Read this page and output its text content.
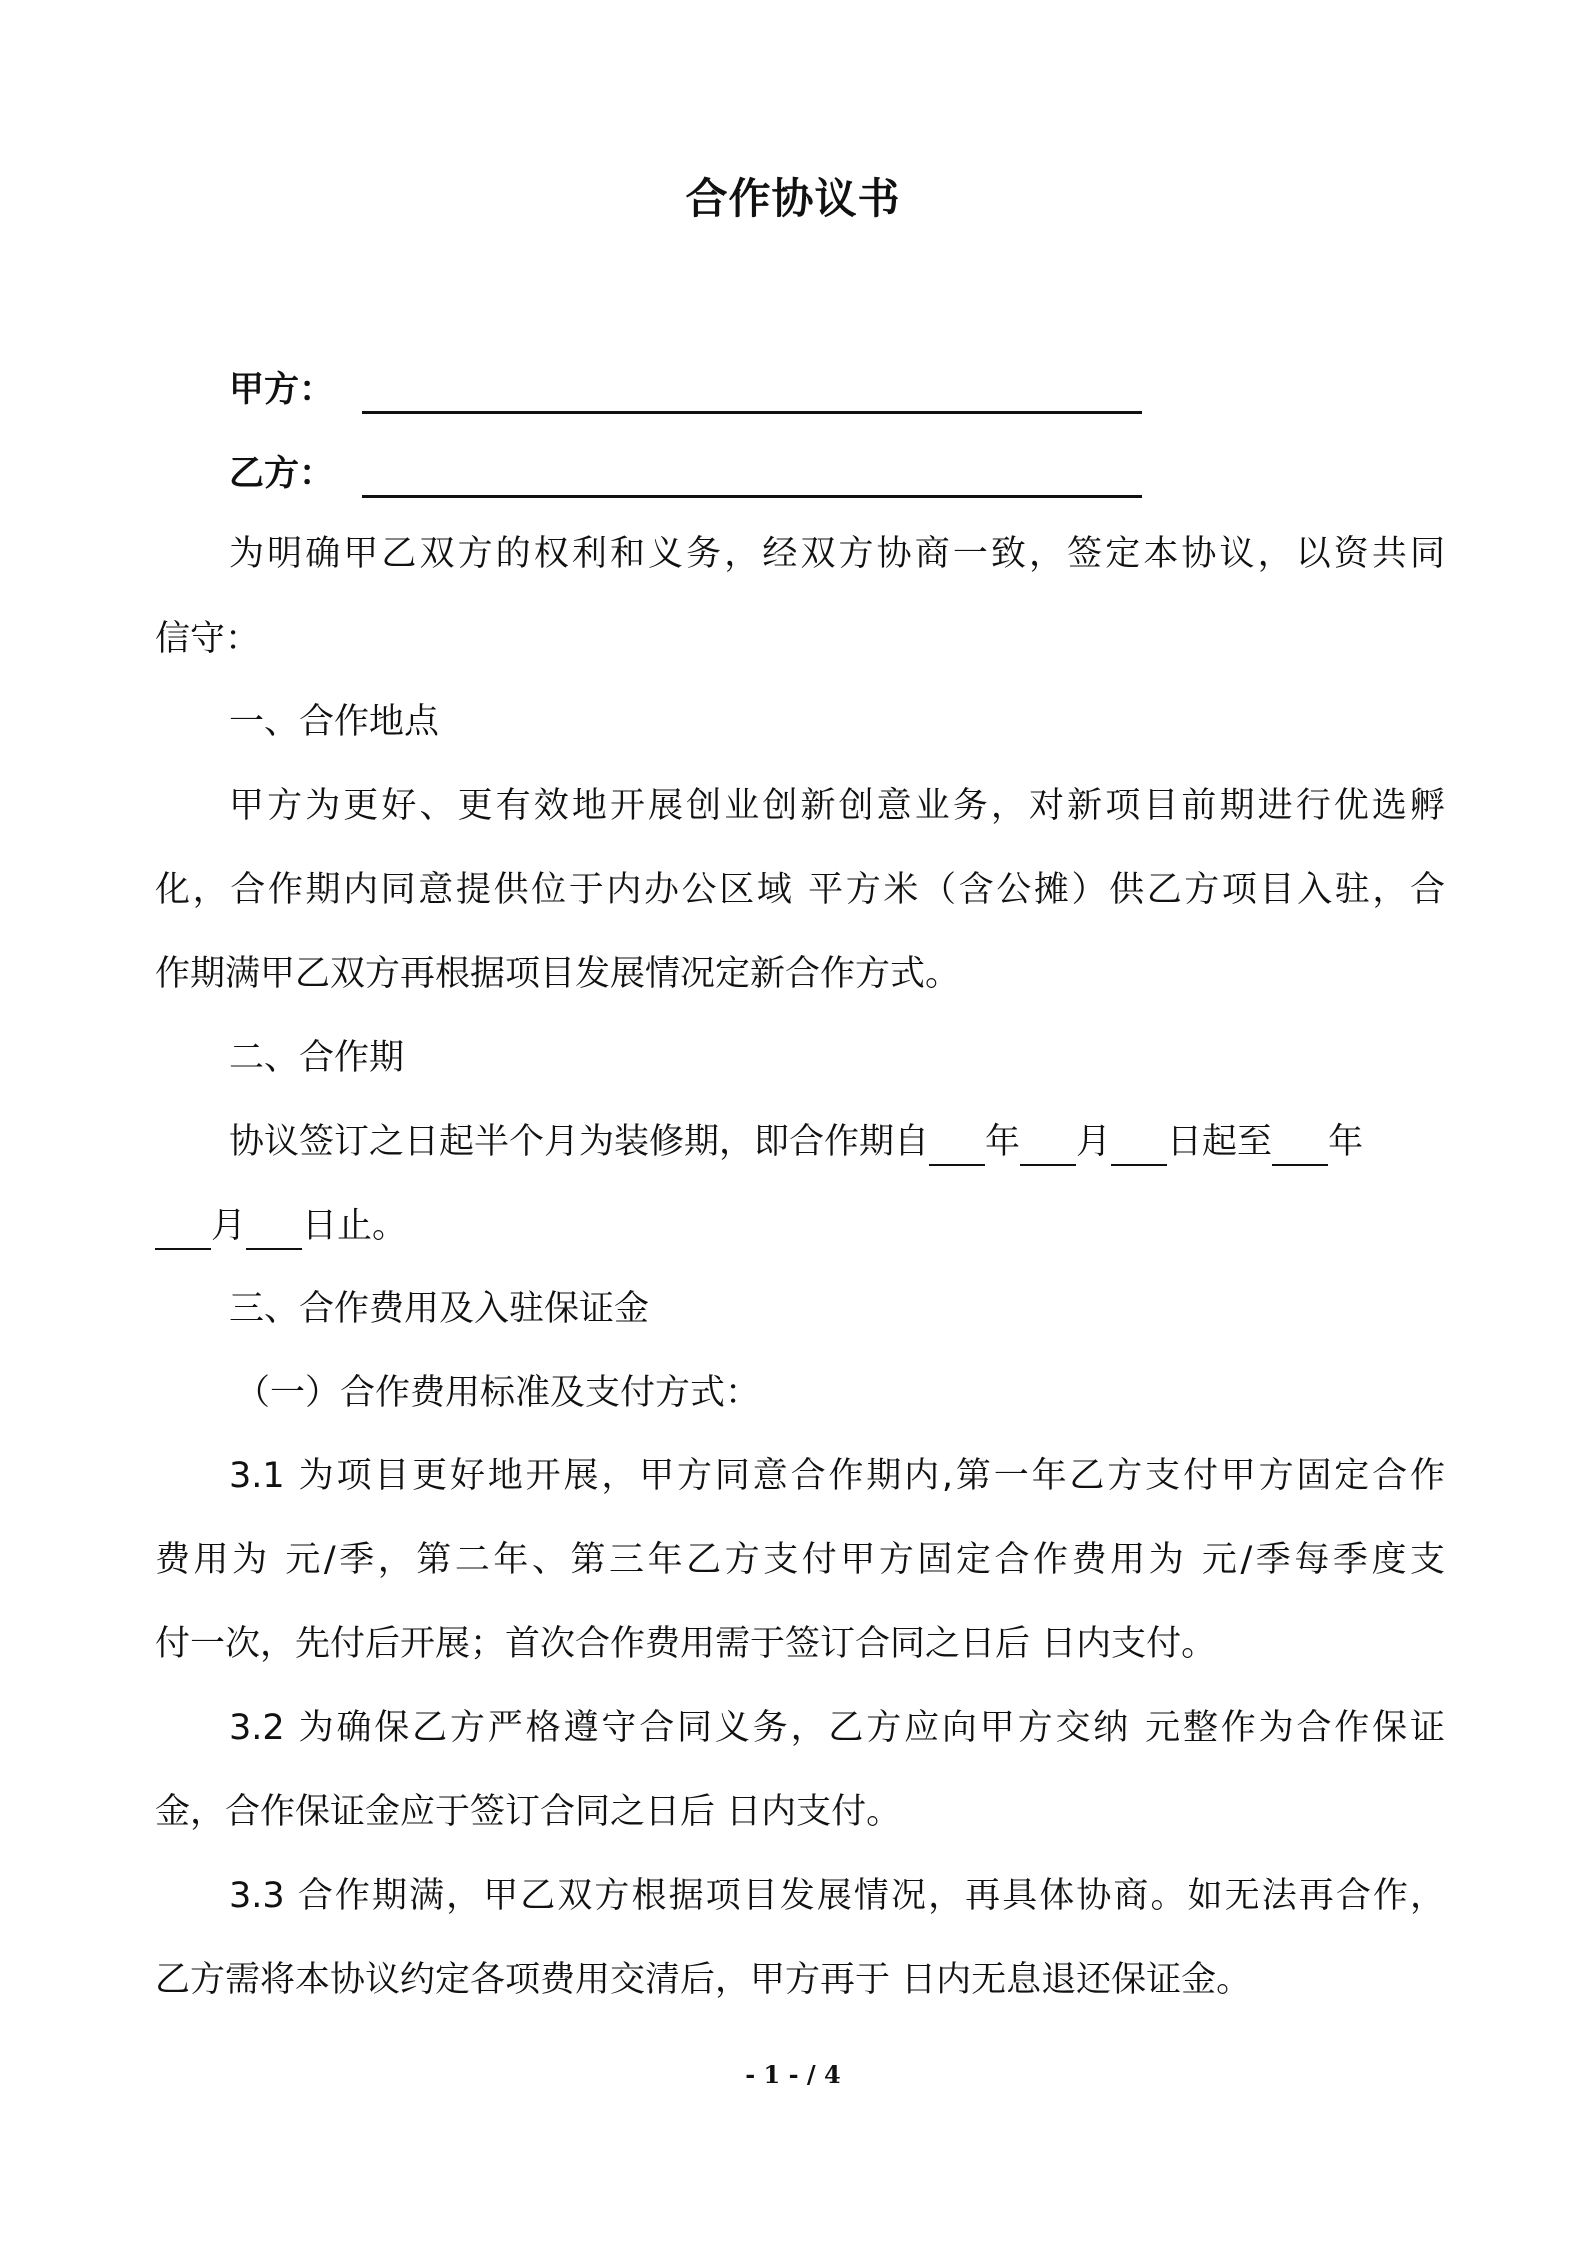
合作协议书
甲方：
乙方：
为明确甲乙双方的权利和义务，经双方协商一致，签定本协议，以资共同
信守：
一、合作地点
甲方为更好、更有效地开展创业创新创意业务，对新项目前期进行优选孵
化，合作期内同意提供位于内办公区域 平方米（含公摊）供乙方项目入驻，合
作期满甲乙双方再根据项目发展情况定新合作方式。
二、合作期
协议签订之日起半个月为装修期，即合作期自 年 月 日起至 年
月 日止。
三、合作费用及入驻保证金
（一）合作费用标准及支付方式：
3.1 为项目更好地开展，甲方同意合作期内,第一年乙方支付甲方固定合作
费用为 元/季，第二年、第三年乙方支付甲方固定合作费用为 元/季每季度支
付一次，先付后开展；首次合作费用需于签订合同之日后 日内支付。
3.2 为确保乙方严格遵守合同义务，乙方应向甲方交纳 元整作为合作保证
金，合作保证金应于签订合同之日后 日内支付。
3.3 合作期满，甲乙双方根据项目发展情况，再具体协商。如无法再合作，
乙方需将本协议约定各项费用交清后，甲方再于 日内无息退还保证金。
- 1 - / 4
